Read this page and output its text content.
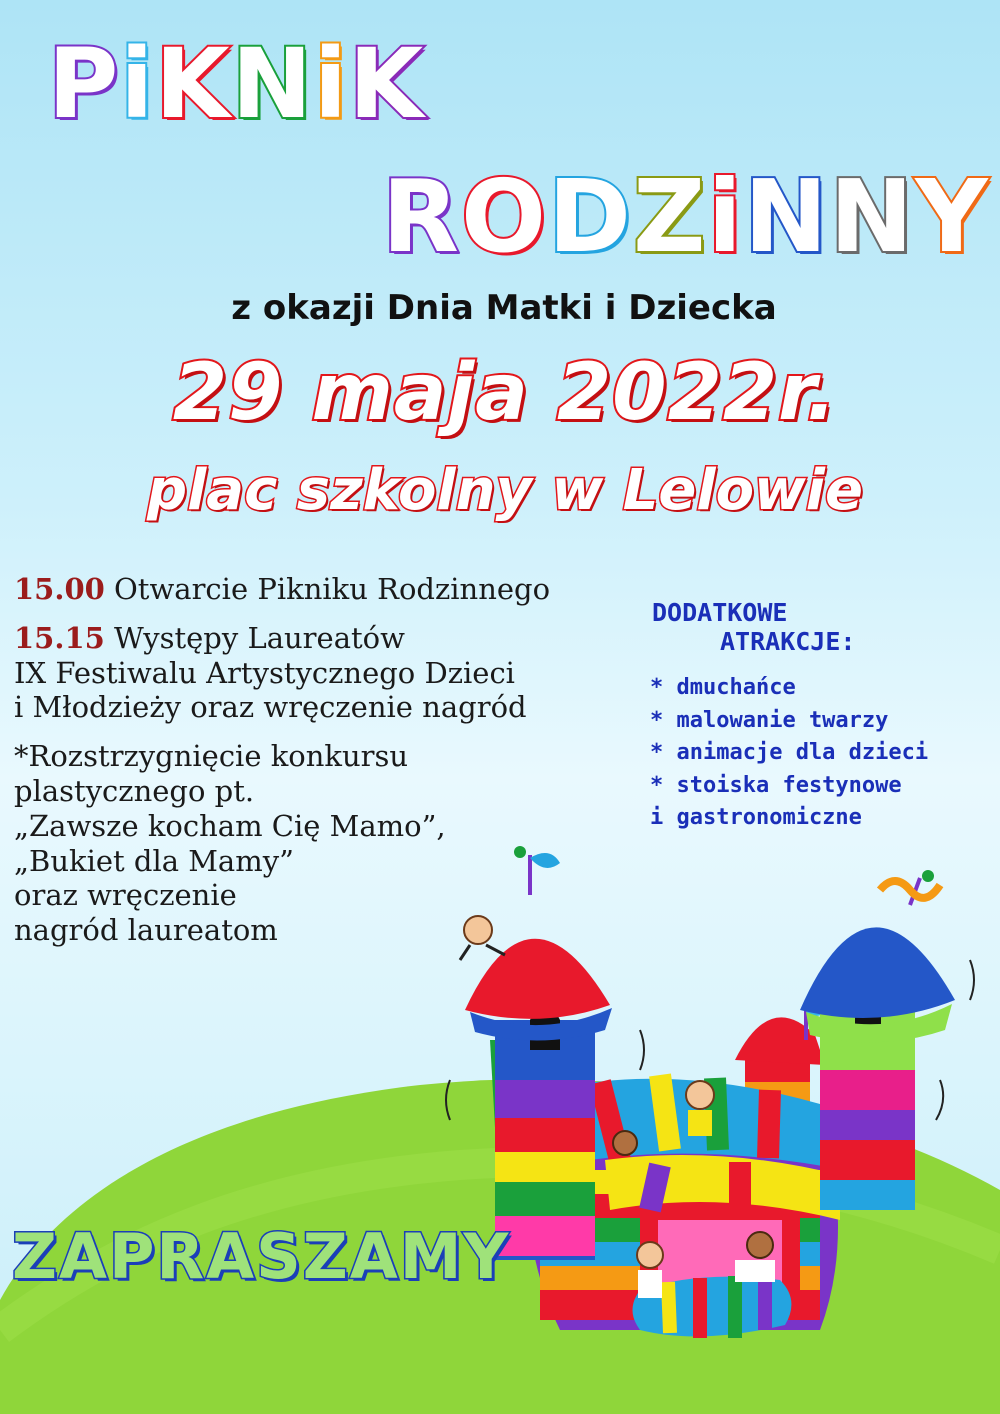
PiKNiK
RODZiNNY
z okazji Dnia Matki i Dziecka
29 maja 2022r.
plac szkolny w Lelowie

15.00 Otwarcie Pikniku Rodzinnego

15.15 Występy Laureatów
IX Festiwalu Artystycznego Dzieci
i Młodzieży oraz wręczenie nagród

*Rozstrzygnięcie konkursu
plastycznego pt.
„Zawsze kocham Cię Mamo”,
„Bukiet dla Mamy”
oraz wręczenie
nagród laureatom

DODATKOWE
ATRAKCJE:
* dmuchańce
* malowanie twarzy
* animacje dla dzieci
* stoiska festynowe
i gastronomiczne
ZAPRASZAMY
